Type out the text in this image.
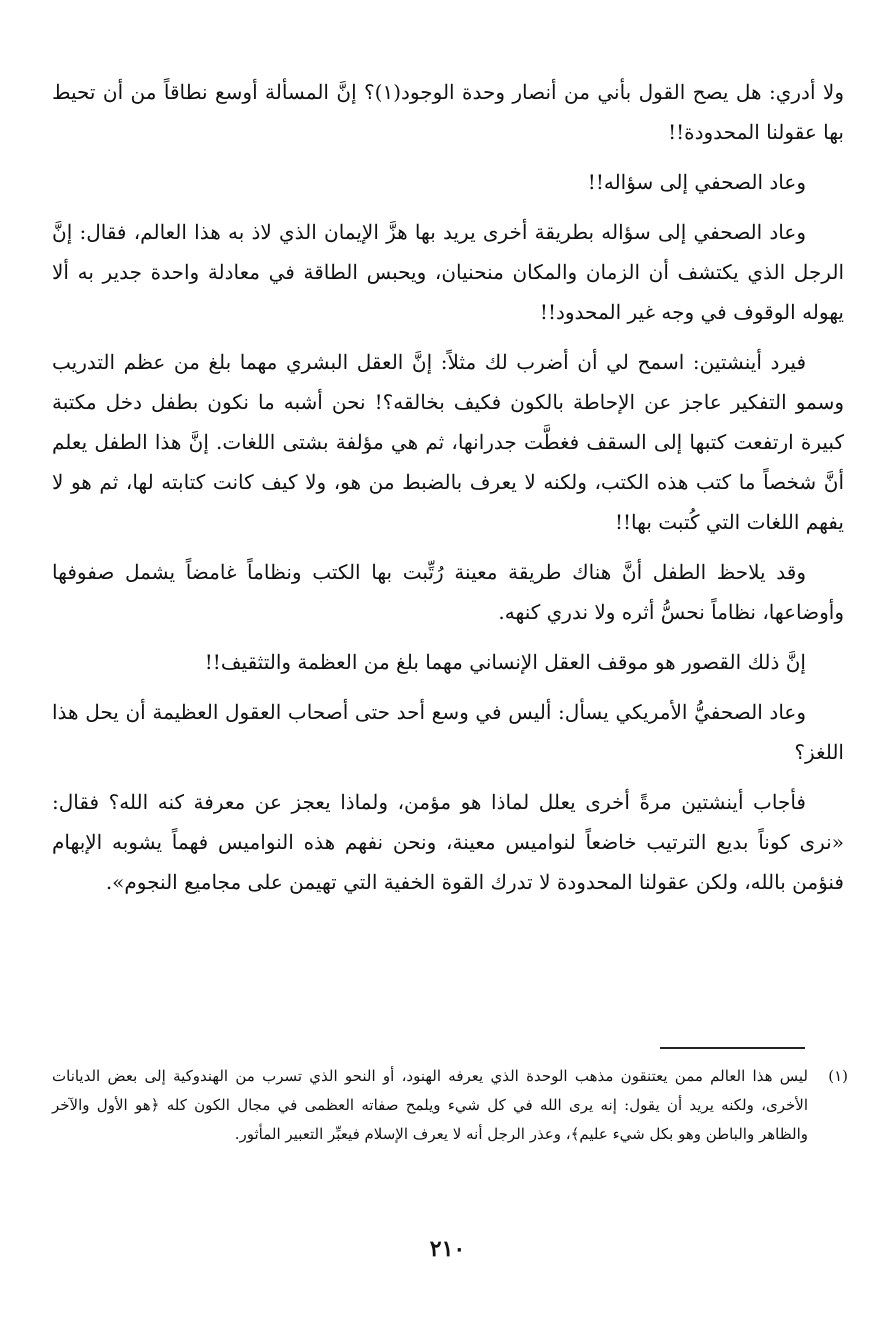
ولا أدري: هل يصح القول بأني من أنصار وحدة الوجود(١)؟ إنَّ المسألة أوسع نطاقاً من أن تحيط بها عقولنا المحدودة!!

وعاد الصحفي إلى سؤاله!!

وعاد الصحفي إلى سؤاله بطريقة أخرى يريد بها هزَّ الإيمان الذي لاذ به هذا العالم، فقال: إنَّ الرجل الذي يكتشف أن الزمان والمكان منحنيان، ويحبس الطاقة في معادلة واحدة جدير به ألا يهوله الوقوف في وجه غير المحدود!!

فيرد أينشتين: اسمح لي أن أضرب لك مثلاً: إنَّ العقل البشري مهما بلغ من عظم التدريب وسمو التفكير عاجز عن الإحاطة بالكون فكيف بخالقه؟! نحن أشبه ما نكون بطفل دخل مكتبة كبيرة ارتفعت كتبها إلى السقف فغطَّت جدرانها، ثم هي مؤلفة بشتى اللغات. إنَّ هذا الطفل يعلم أنَّ شخصاً ما كتب هذه الكتب، ولكنه لا يعرف بالضبط من هو، ولا كيف كانت كتابته لها، ثم هو لا يفهم اللغات التي كُتبت بها!!

وقد يلاحظ الطفل أنَّ هناك طريقة معينة رُتِّبت بها الكتب ونظاماً غامضاً يشمل صفوفها وأوضاعها، نظاماً نحسُّ أثره ولا ندري كنهه.

إنَّ ذلك القصور هو موقف العقل الإنساني مهما بلغ من العظمة والتثقيف!!

وعاد الصحفيُّ الأمريكي يسأل: أليس في وسع أحد حتى أصحاب العقول العظيمة أن يحل هذا اللغز؟

فأجاب أينشتين مرةً أخرى يعلل لماذا هو مؤمن، ولماذا يعجز عن معرفة كنه الله؟ فقال: «نرى كوناً بديع الترتيب خاضعاً لنواميس معينة، ونحن نفهم هذه النواميس فهماً يشوبه الإبهام فنؤمن بالله، ولكن عقولنا المحدودة لا تدرك القوة الخفية التي تهيمن على مجاميع النجوم».

(١)
ليس هذا العالم ممن يعتنقون مذهب الوحدة الذي يعرفه الهنود، أو النحو الذي تسرب من الهندوكية إلى بعض الديانات الأخرى، ولكنه يريد أن يقول: إنه يرى الله في كل شيء ويلمح صفاته العظمى في مجال الكون كله ﴿هو الأول والآخر والظاهر والباطن وهو بكل شيء عليم﴾، وعذر الرجل أنه لا يعرف الإسلام فيعبِّر التعبير المأثور.
٢١٠
